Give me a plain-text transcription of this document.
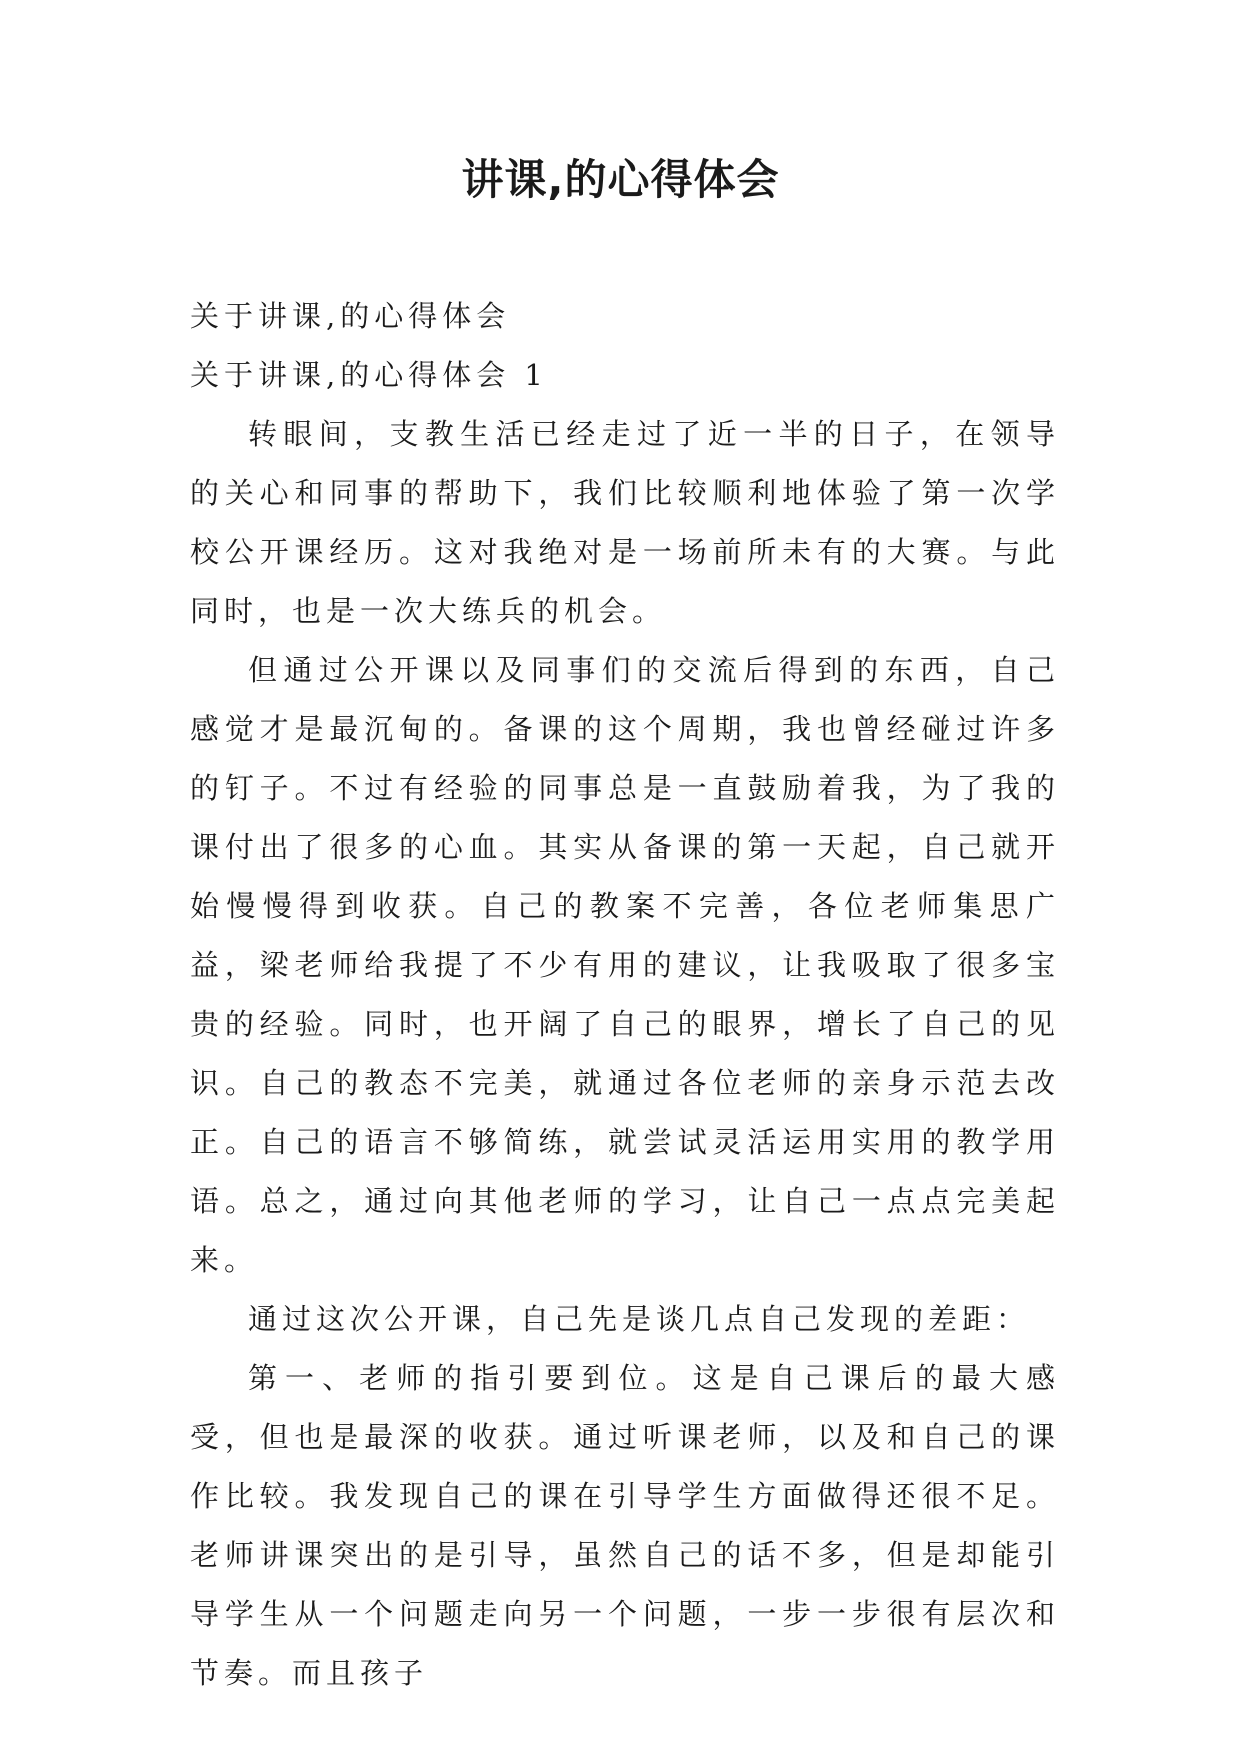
讲课,的心得体会

关于讲课,的心得体会

关于讲课,的心得体会 1

转眼间，支教生活已经走过了近一半的日子，在领导的关心和同事的帮助下，我们比较顺利地体验了第一次学校公开课经历。这对我绝对是一场前所未有的大赛。与此同时，也是一次大练兵的机会。

但通过公开课以及同事们的交流后得到的东西，自己感觉才是最沉甸的。备课的这个周期，我也曾经碰过许多的钉子。不过有经验的同事总是一直鼓励着我，为了我的课付出了很多的心血。其实从备课的第一天起，自己就开始慢慢得到收获。自己的教案不完善，各位老师集思广益，梁老师给我提了不少有用的建议，让我吸取了很多宝贵的经验。同时，也开阔了自己的眼界，增长了自己的见识。自己的教态不完美，就通过各位老师的亲身示范去改正。自己的语言不够简练，就尝试灵活运用实用的教学用语。总之，通过向其他老师的学习，让自己一点点完美起来。

通过这次公开课，自己先是谈几点自己发现的差距：

第一、老师的指引要到位。这是自己课后的最大感受，但也是最深的收获。通过听课老师，以及和自己的课作比较。我发现自己的课在引导学生方面做得还很不足。老师讲课突出的是引导，虽然自己的话不多，但是却能引导学生从一个问题走向另一个问题，一步一步很有层次和节奏。而且孩子
